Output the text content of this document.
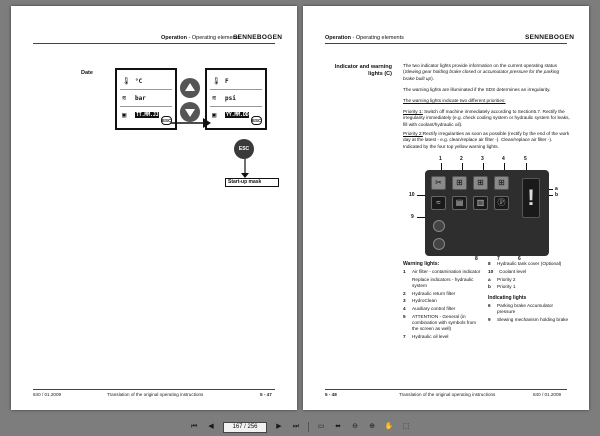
Operation - Operating elements
SENNEBOGEN
Date
🌡 °C
≋	bar
▣	TT.MM.JJ
ESC
🌡 F
≋	psi
▣	YY.MM.DD
ESC
ESC
Start-up mask
840 / 01.2009	Translation of the original operating instructions	5 - 47
Operation - Operating elements	SENNEBOGEN
Indicator and warning lights (C)
The two indicator lights provide information on the current operating status (Slewing gear holding brake closed or accumulator pressure for the parking brake built up).
The warning lights are illuminated if the SDS determines an irregularity.
The warning lights indicate two different priorities:
Priority 1: Switch off machine immediately according to Section5.7. Rectify the irregularity immediately (e.g. check cooling system or hydraulic system for leaks, fill with coolant/hydraulic oil).
Priority 2:Rectify irregularities as soon as possible (rectify by the end of the work day at the latest - e.g. clean/replace air filter -). Clean/replace air filter -). Indicated by the four top yellow warning lights.
1	2	3	4	5
a
b
10
9
✂	⊞	⊞	⊞
!
≈	▤	▥	Ⓟ
8	7	6
Warning lights:
1	Air filter - contamination indicator
Replace indicators - hydraulic system
2	Hydraulic return filter
3	HydroClean
4	Auxiliary control filter
5	ATTENTION - General (in combination with symbols from the screen as well)
7	Hydraulic oil level
8	Hydraulic tank cover (Optional)
10	Coolant level
a	Priority 2
b	Priority 1
Indicating lights
6	Parking brake Accumulator pressure
9	Slewing mechanism holding brake
5 - 48	Translation of the original operating instructions	840 / 01.2009
⏮	◀	167 / 256	▶	⏭	▭ ⬌ ⊖ ⊕ ✋ ⬚
